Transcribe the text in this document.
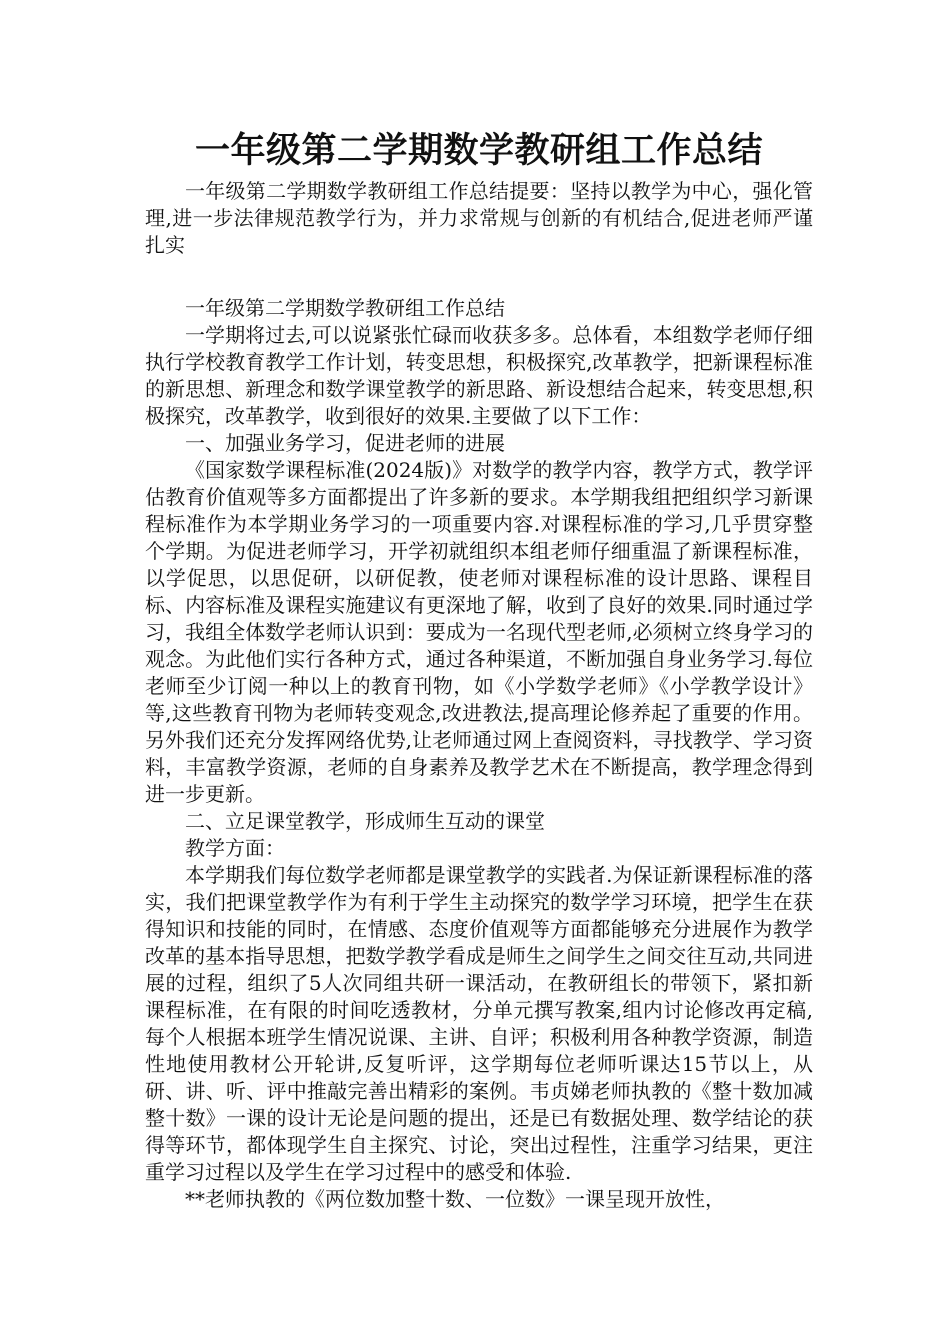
一年级第二学期数学教研组工作总结

一年级第二学期数学教研组工作总结提要：坚持以教学为中心，强化管理,进一步法律规范教学行为，并力求常规与创新的有机结合,促进老师严谨扎实

一年级第二学期数学教研组工作总结

一学期将过去,可以说紧张忙碌而收获多多。总体看，本组数学老师仔细执行学校教育教学工作计划，转变思想，积极探究,改革教学，把新课程标准的新思想、新理念和数学课堂教学的新思路、新设想结合起来，转变思想,积极探究，改革教学，收到很好的效果.主要做了以下工作：

一、加强业务学习，促进老师的进展

《国家数学课程标准(2024版)》对数学的教学内容，教学方式，教学评估教育价值观等多方面都提出了许多新的要求。本学期我组把组织学习新课程标准作为本学期业务学习的一项重要内容.对课程标准的学习,几乎贯穿整个学期。为促进老师学习，开学初就组织本组老师仔细重温了新课程标准，以学促思，以思促研，以研促教，使老师对课程标准的设计思路、课程目标、内容标准及课程实施建议有更深地了解，收到了良好的效果.同时通过学习，我组全体数学老师认识到：要成为一名现代型老师,必须树立终身学习的观念。为此他们实行各种方式，通过各种渠道，不断加强自身业务学习.每位老师至少订阅一种以上的教育刊物，如《小学数学老师》《小学教学设计》等,这些教育刊物为老师转变观念,改进教法,提高理论修养起了重要的作用。另外我们还充分发挥网络优势,让老师通过网上查阅资料，寻找教学、学习资料，丰富教学资源，老师的自身素养及教学艺术在不断提高，教学理念得到进一步更新。

二、立足课堂教学，形成师生互动的课堂

教学方面：

本学期我们每位数学老师都是课堂教学的实践者.为保证新课程标准的落实，我们把课堂教学作为有利于学生主动探究的数学学习环境，把学生在获得知识和技能的同时，在情感、态度价值观等方面都能够充分进展作为教学改革的基本指导思想，把数学教学看成是师生之间学生之间交往互动,共同进展的过程，组织了5人次同组共研一课活动，在教研组长的带领下，紧扣新课程标准，在有限的时间吃透教材，分单元撰写教案,组内讨论修改再定稿,每个人根据本班学生情况说课、主讲、自评；积极利用各种教学资源，制造性地使用教材公开轮讲,反复听评，这学期每位老师听课达15节以上，从研、讲、听、评中推敲完善出精彩的案例。韦贞娣老师执教的《整十数加减整十数》一课的设计无论是问题的提出，还是已有数据处理、数学结论的获得等环节，都体现学生自主探究、讨论，突出过程性，注重学习结果，更注重学习过程以及学生在学习过程中的感受和体验.

**老师执教的《两位数加整十数、一位数》一课呈现开放性，
